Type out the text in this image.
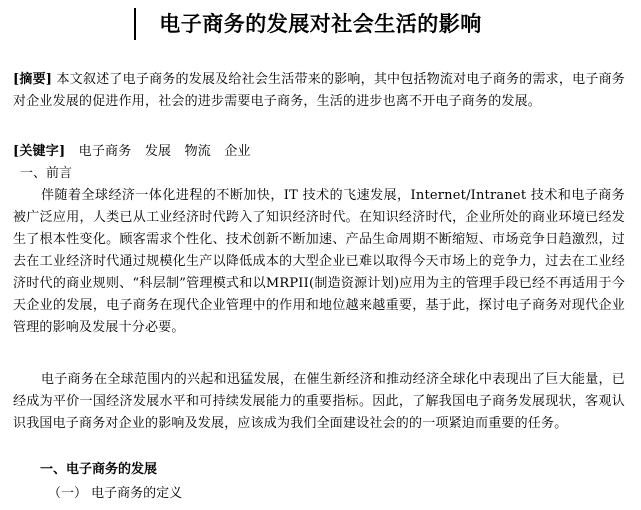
电子商务的发展对社会生活的影响
[摘要] 本文叙述了电子商务的发展及给社会生活带来的影响，其中包括物流对电子商务的需求，电子商务对企业发展的促进作用，社会的进步需要电子商务，生活的进步也离不开电子商务的发展。
[关键字] 电子商务 发展 物流 企业
一、前言
伴随着全球经济一体化进程的不断加快，IT 技术的飞速发展，Internet/Intranet 技术和电子商务被广泛应用，人类已从工业经济时代跨入了知识经济时代。在知识经济时代，企业所处的商业环境已经发生了根本性变化。顾客需求个性化、技术创新不断加速、产品生命周期不断缩短、市场竞争日趋激烈，过去在工业经济时代通过规模化生产以降低成本的大型企业已难以取得今天市场上的竞争力，过去在工业经济时代的商业规则、“科层制”管理模式和以MRPII(制造资源计划)应用为主的管理手段已经不再适用于今天企业的发展，电子商务在现代企业管理中的作用和地位越来越重要，基于此，探讨电子商务对现代企业管理的影响及发展十分必要。
电子商务在全球范围内的兴起和迅猛发展，在催生新经济和推动经济全球化中表现出了巨大能量，已经成为平价一国经济发展水平和可持续发展能力的重要指标。因此，了解我国电子商务发展现状，客观认识我国电子商务对企业的影响及发展，应该成为我们全面建设社会的的一项紧迫而重要的任务。
一、电子商务的发展
（一） 电子商务的定义
